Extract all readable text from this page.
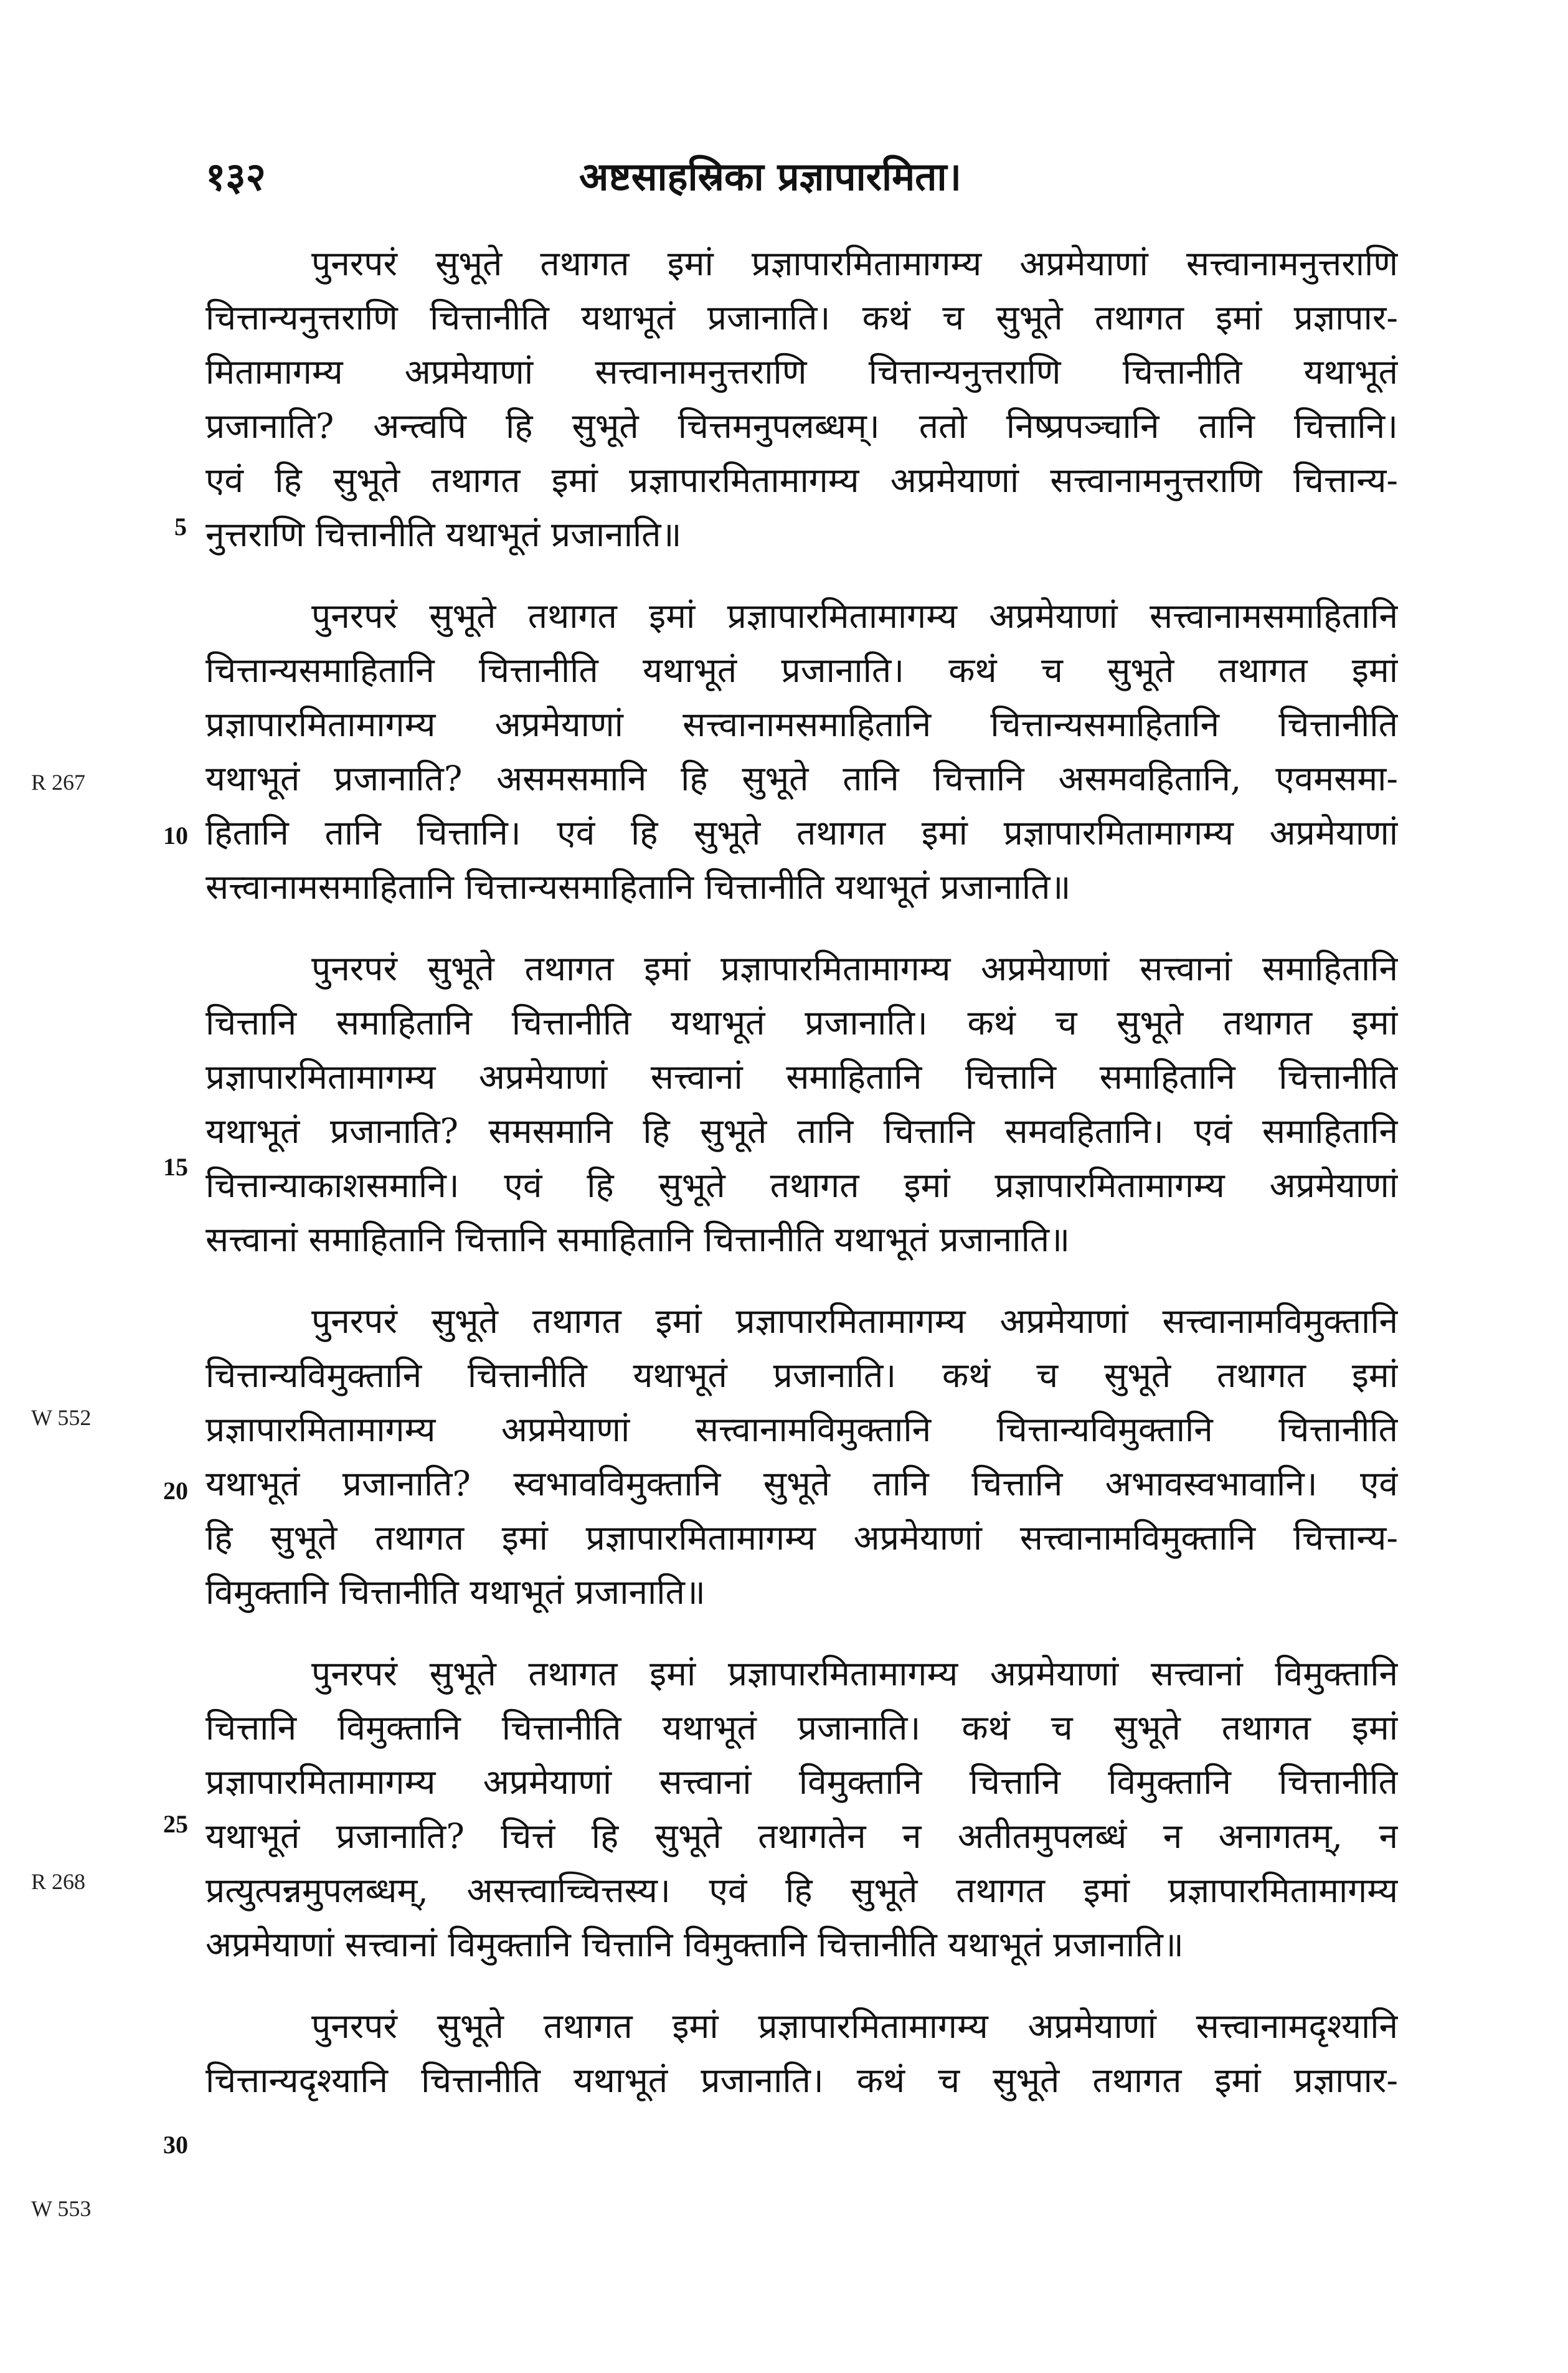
१३२	अष्टसाहस्रिका प्रज्ञापारमिता।
R 267
W 552
R 268
W 553
5
10
15
20
25
30
पुनरपरं सुभूते तथागत इमां प्रज्ञापारमितामागम्य अप्रमेयाणां सत्त्वानामनुत्तराणि
चित्तान्यनुत्तराणि चित्तानीति यथाभूतं प्रजानाति। कथं च सुभूते तथागत इमां प्रज्ञापार-
मितामागम्य अप्रमेयाणां सत्त्वानामनुत्तराणि चित्तान्यनुत्तराणि चित्तानीति यथाभूतं
प्रजानाति? अन्त्वपि हि सुभूते चित्तमनुपलब्धम्। ततो निष्प्रपञ्चानि तानि चित्तानि।
एवं हि सुभूते तथागत इमां प्रज्ञापारमितामागम्य अप्रमेयाणां सत्त्वानामनुत्तराणि चित्तान्य-
नुत्तराणि चित्तानीति यथाभूतं प्रजानाति॥
पुनरपरं सुभूते तथागत इमां प्रज्ञापारमितामागम्य अप्रमेयाणां सत्त्वानामसमाहितानि
चित्तान्यसमाहितानि चित्तानीति यथाभूतं प्रजानाति। कथं च सुभूते तथागत इमां
प्रज्ञापारमितामागम्य अप्रमेयाणां सत्त्वानामसमाहितानि चित्तान्यसमाहितानि चित्तानीति
यथाभूतं प्रजानाति? असमसमानि हि सुभूते तानि चित्तानि असमवहितानि, एवमसमा-
हितानि तानि चित्तानि। एवं हि सुभूते तथागत इमां प्रज्ञापारमितामागम्य अप्रमेयाणां
सत्त्वानामसमाहितानि चित्तान्यसमाहितानि चित्तानीति यथाभूतं प्रजानाति॥
पुनरपरं सुभूते तथागत इमां प्रज्ञापारमितामागम्य अप्रमेयाणां सत्त्वानां समाहितानि
चित्तानि समाहितानि चित्तानीति यथाभूतं प्रजानाति। कथं च सुभूते तथागत इमां
प्रज्ञापारमितामागम्य अप्रमेयाणां सत्त्वानां समाहितानि चित्तानि समाहितानि चित्तानीति
यथाभूतं प्रजानाति? समसमानि हि सुभूते तानि चित्तानि समवहितानि। एवं समाहितानि
चित्तान्याकाशसमानि। एवं हि सुभूते तथागत इमां प्रज्ञापारमितामागम्य अप्रमेयाणां
सत्त्वानां समाहितानि चित्तानि समाहितानि चित्तानीति यथाभूतं प्रजानाति॥
पुनरपरं सुभूते तथागत इमां प्रज्ञापारमितामागम्य अप्रमेयाणां सत्त्वानामविमुक्तानि
चित्तान्यविमुक्तानि चित्तानीति यथाभूतं प्रजानाति। कथं च सुभूते तथागत इमां
प्रज्ञापारमितामागम्य अप्रमेयाणां सत्त्वानामविमुक्तानि चित्तान्यविमुक्तानि चित्तानीति
यथाभूतं प्रजानाति? स्वभावविमुक्तानि सुभूते तानि चित्तानि अभावस्वभावानि। एवं
हि सुभूते तथागत इमां प्रज्ञापारमितामागम्य अप्रमेयाणां सत्त्वानामविमुक्तानि चित्तान्य-
विमुक्तानि चित्तानीति यथाभूतं प्रजानाति॥
पुनरपरं सुभूते तथागत इमां प्रज्ञापारमितामागम्य अप्रमेयाणां सत्त्वानां विमुक्तानि
चित्तानि विमुक्तानि चित्तानीति यथाभूतं प्रजानाति। कथं च सुभूते तथागत इमां
प्रज्ञापारमितामागम्य अप्रमेयाणां सत्त्वानां विमुक्तानि चित्तानि विमुक्तानि चित्तानीति
यथाभूतं प्रजानाति? चित्तं हि सुभूते तथागतेन न अतीतमुपलब्धं न अनागतम्, न
प्रत्युत्पन्नमुपलब्धम्, असत्त्वाच्चित्तस्य। एवं हि सुभूते तथागत इमां प्रज्ञापारमितामागम्य
अप्रमेयाणां सत्त्वानां विमुक्तानि चित्तानि विमुक्तानि चित्तानीति यथाभूतं प्रजानाति॥
पुनरपरं सुभूते तथागत इमां प्रज्ञापारमितामागम्य अप्रमेयाणां सत्त्वानामदृश्यानि
चित्तान्यदृश्यानि चित्तानीति यथाभूतं प्रजानाति। कथं च सुभूते तथागत इमां प्रज्ञापार-
